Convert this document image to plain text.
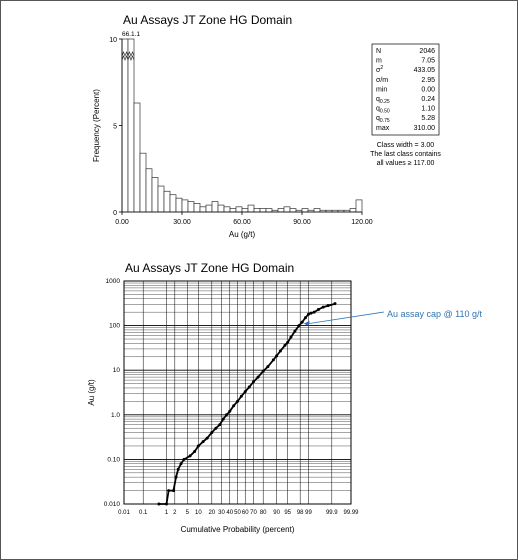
Au Assays JT Zone HG Domain
66.1.1
0.00	30.00	60.00	90.00	120.00
0
5
10
Au (g/t)
Frequency (Percent)
N	2046
m	7.05
$\sigma^2$	433.05
σ/m	2.95
min	0.00
$q_{0.25}$	0.24
$q_{0.50}$	1.10
$q_{0.75}$	5.28
max	310.00
Class width = 3.00
The last class contains
all values ≥ 117.00
Au Assays JT Zone HG Domain
0.01 0.1	1 2 5 10 20 30 40 50 60 70 80 90 95 98 99 99.9 99.99
0.010
0.10
1.0
10
100
1000
Cumulative Probability (percent)
Au (g/t)
Au assay cap @ 110 g/t
